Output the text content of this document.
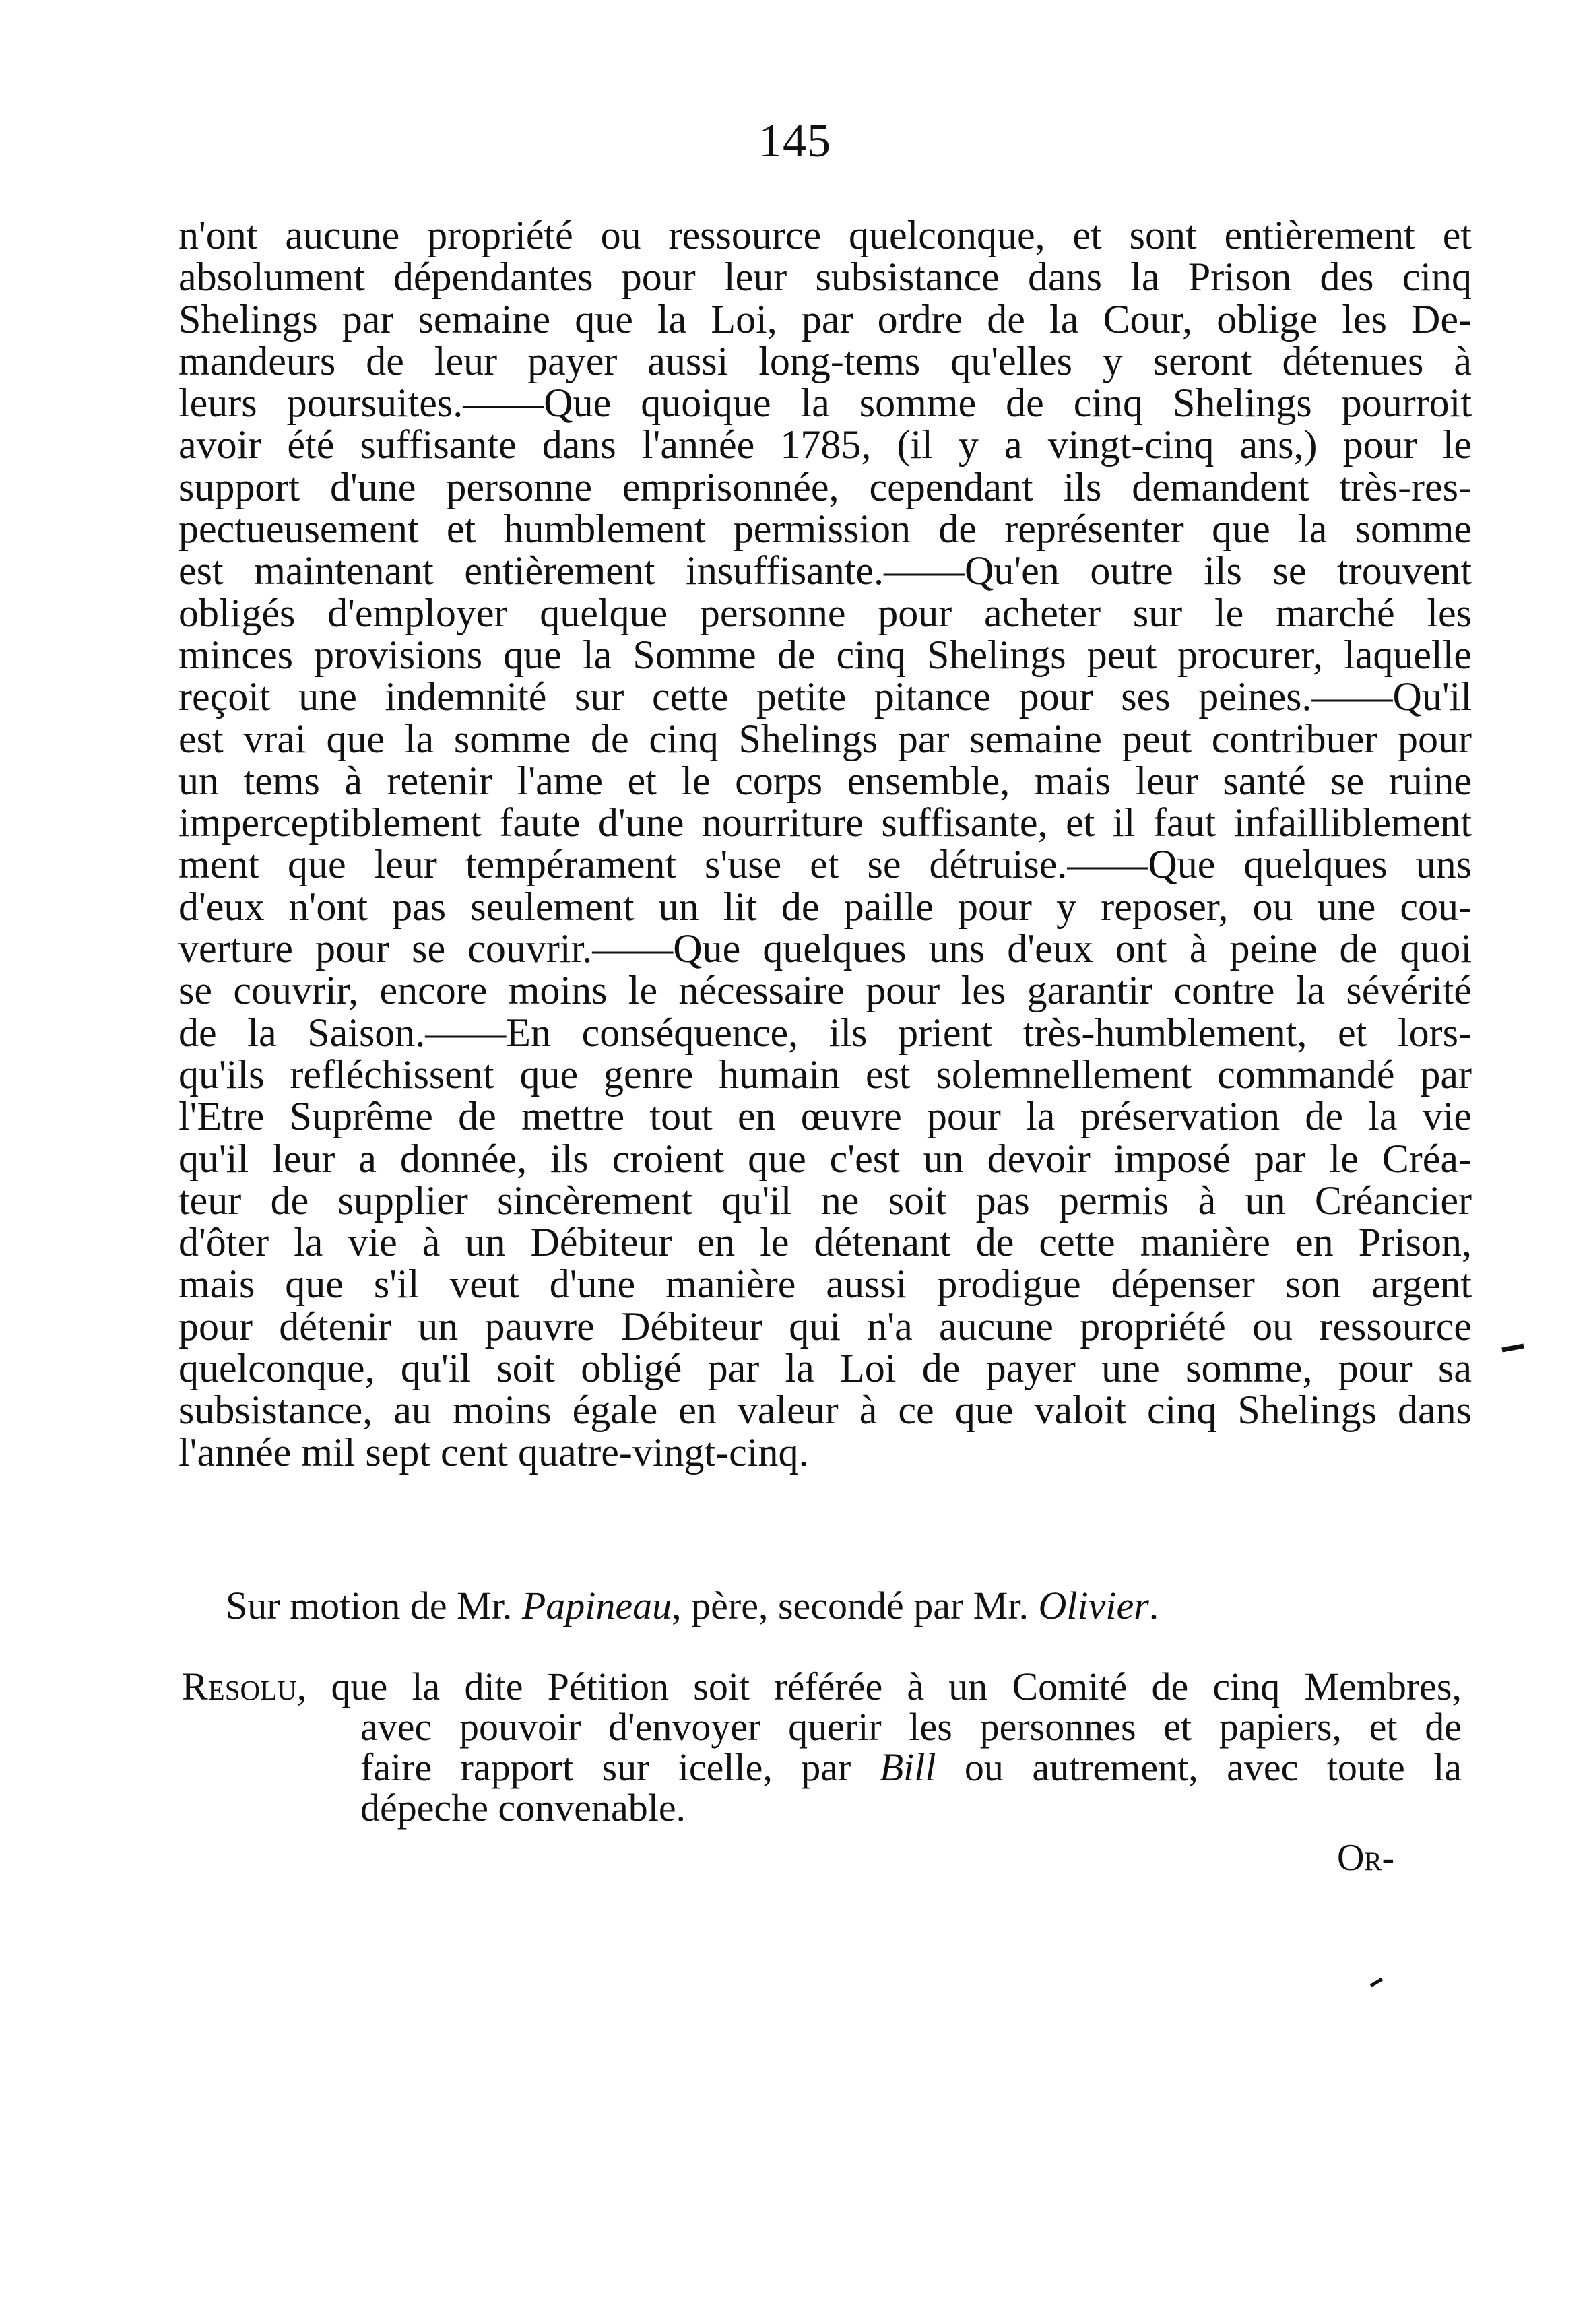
145
n'ont aucune propriété ou ressource quelconque, et sont entièrement et
absolument dépendantes pour leur subsistance dans la Prison des cinq
Shelings par semaine que la Loi, par ordre de la Cour, oblige les De-
mandeurs de leur payer aussi long-tems qu'elles y seront détenues à
leurs poursuites.——Que quoique la somme de cinq Shelings pourroit
avoir été suffisante dans l'année 1785, (il y a vingt-cinq ans,) pour le
support d'une personne emprisonnée, cependant ils demandent très-res-
pectueusement et humblement permission de représenter que la somme
est maintenant entièrement insuffisante.——Qu'en outre ils se trouvent
obligés d'employer quelque personne pour acheter sur le marché les
minces provisions que la Somme de cinq Shelings peut procurer, laquelle
reçoit une indemnité sur cette petite pitance pour ses peines.——Qu'il
est vrai que la somme de cinq Shelings par semaine peut contribuer pour
un tems à retenir l'ame et le corps ensemble, mais leur santé se ruine
imperceptiblement faute d'une nourriture suffisante, et il faut infailliblement
ment que leur tempérament s'use et se détruise.——Que quelques uns
d'eux n'ont pas seulement un lit de paille pour y reposer, ou une cou-
verture pour se couvrir.——Que quelques uns d'eux ont à peine de quoi
se couvrir, encore moins le nécessaire pour les garantir contre la sévérité
de la Saison.——En conséquence, ils prient très-humblement, et lors-
qu'ils refléchissent que genre humain est solemnellement commandé par
l'Etre Suprême de mettre tout en œuvre pour la préservation de la vie
qu'il leur a donnée, ils croient que c'est un devoir imposé par le Créa-
teur de supplier sincèrement qu'il ne soit pas permis à un Créancier
d'ôter la vie à un Débiteur en le détenant de cette manière en Prison,
mais que s'il veut d'une manière aussi prodigue dépenser son argent
pour détenir un pauvre Débiteur qui n'a aucune propriété ou ressource
quelconque, qu'il soit obligé par la Loi de payer une somme, pour sa
subsistance, au moins égale en valeur à ce que valoit cinq Shelings dans
l'année mil sept cent quatre-vingt-cinq.
Sur motion de Mr. Papineau, père, secondé par Mr. Olivier.
Resolu, que la dite Pétition soit référée à un Comité de cinq Membres,
avec pouvoir d'envoyer querir les personnes et papiers, et de
faire rapport sur icelle, par Bill ou autrement, avec toute la
dépeche convenable.
Or-
